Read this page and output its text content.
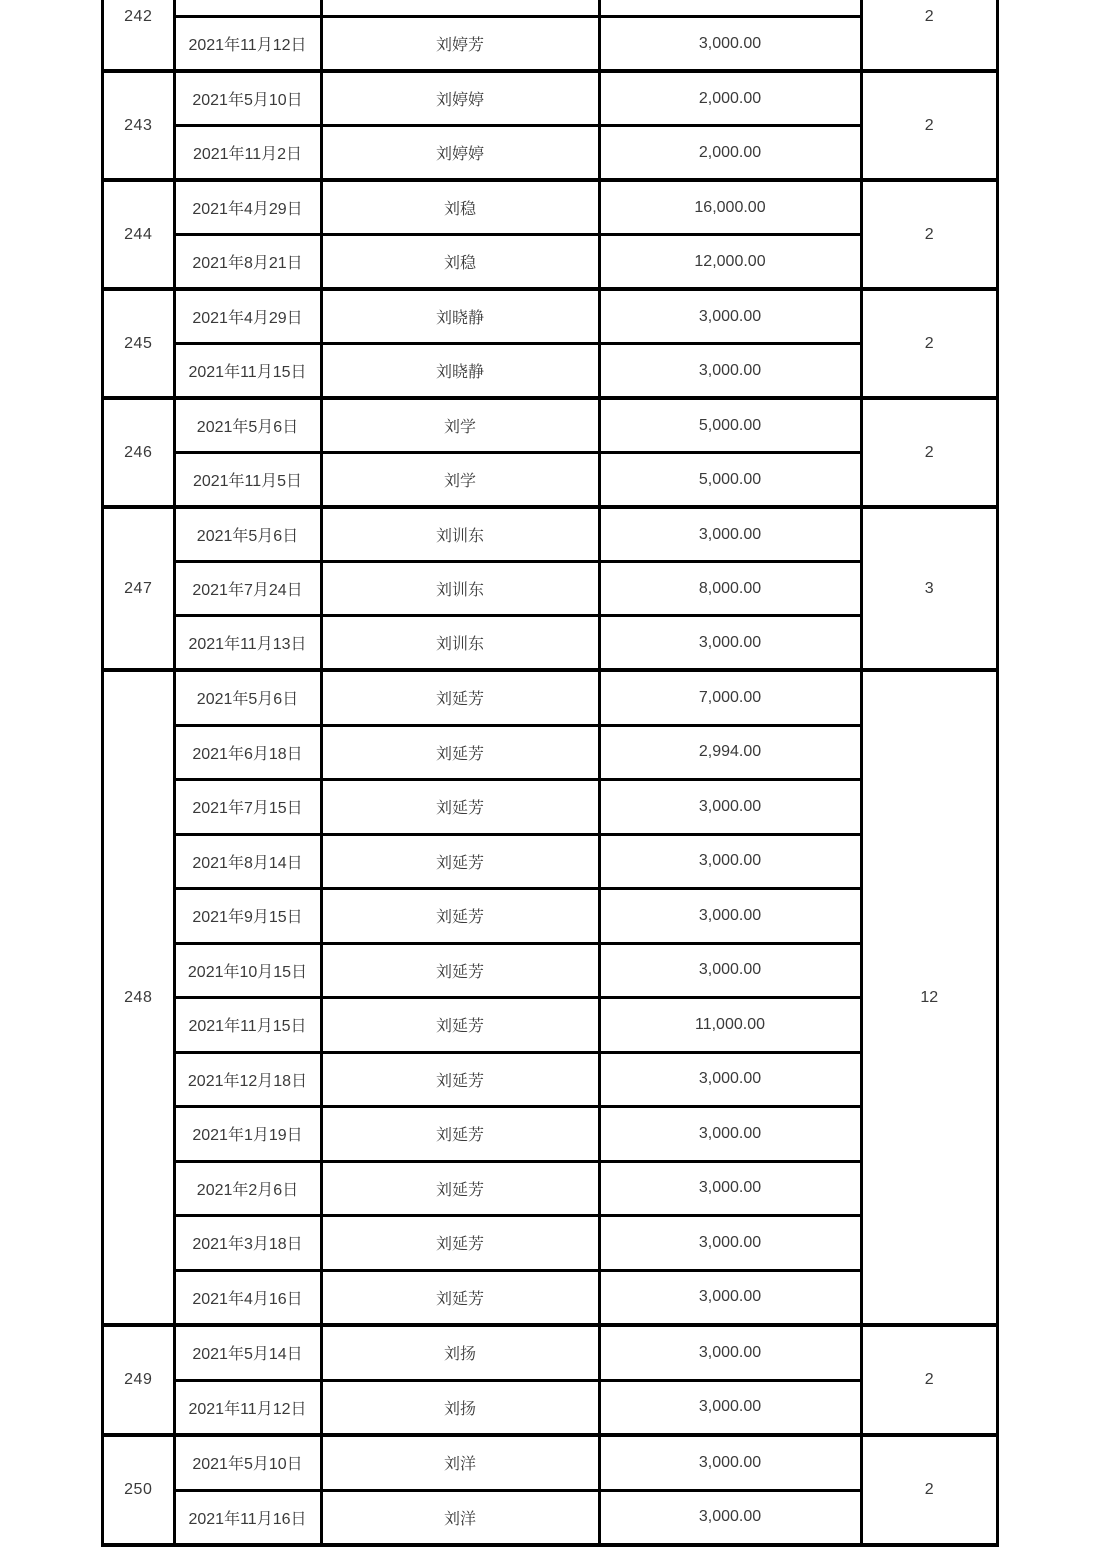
242
2021年11月12日	刘婷芳	3,000.00
2
243
2021年5月10日	刘婷婷	2,000.00
2021年11月2日	刘婷婷	2,000.00
2
244
2021年4月29日	刘稳	16,000.00
2021年8月21日	刘稳	12,000.00
2
245
2021年4月29日	刘晓静	3,000.00
2021年11月15日	刘晓静	3,000.00
2
246
2021年5月6日	刘学	5,000.00
2021年11月5日	刘学	5,000.00
2
247
2021年5月6日	刘训东	3,000.00
2021年7月24日	刘训东	8,000.00
2021年11月13日	刘训东	3,000.00
3
248
2021年5月6日	刘延芳	7,000.00
2021年6月18日	刘延芳	2,994.00
2021年7月15日	刘延芳	3,000.00
2021年8月14日	刘延芳	3,000.00
2021年9月15日	刘延芳	3,000.00
2021年10月15日	刘延芳	3,000.00
2021年11月15日	刘延芳	11,000.00
2021年12月18日	刘延芳	3,000.00
2021年1月19日	刘延芳	3,000.00
2021年2月6日	刘延芳	3,000.00
2021年3月18日	刘延芳	3,000.00
2021年4月16日	刘延芳	3,000.00
12
249
2021年5月14日	刘扬	3,000.00
2021年11月12日	刘扬	3,000.00
2
250
2021年5月10日	刘洋	3,000.00
2021年11月16日	刘洋	3,000.00
2
